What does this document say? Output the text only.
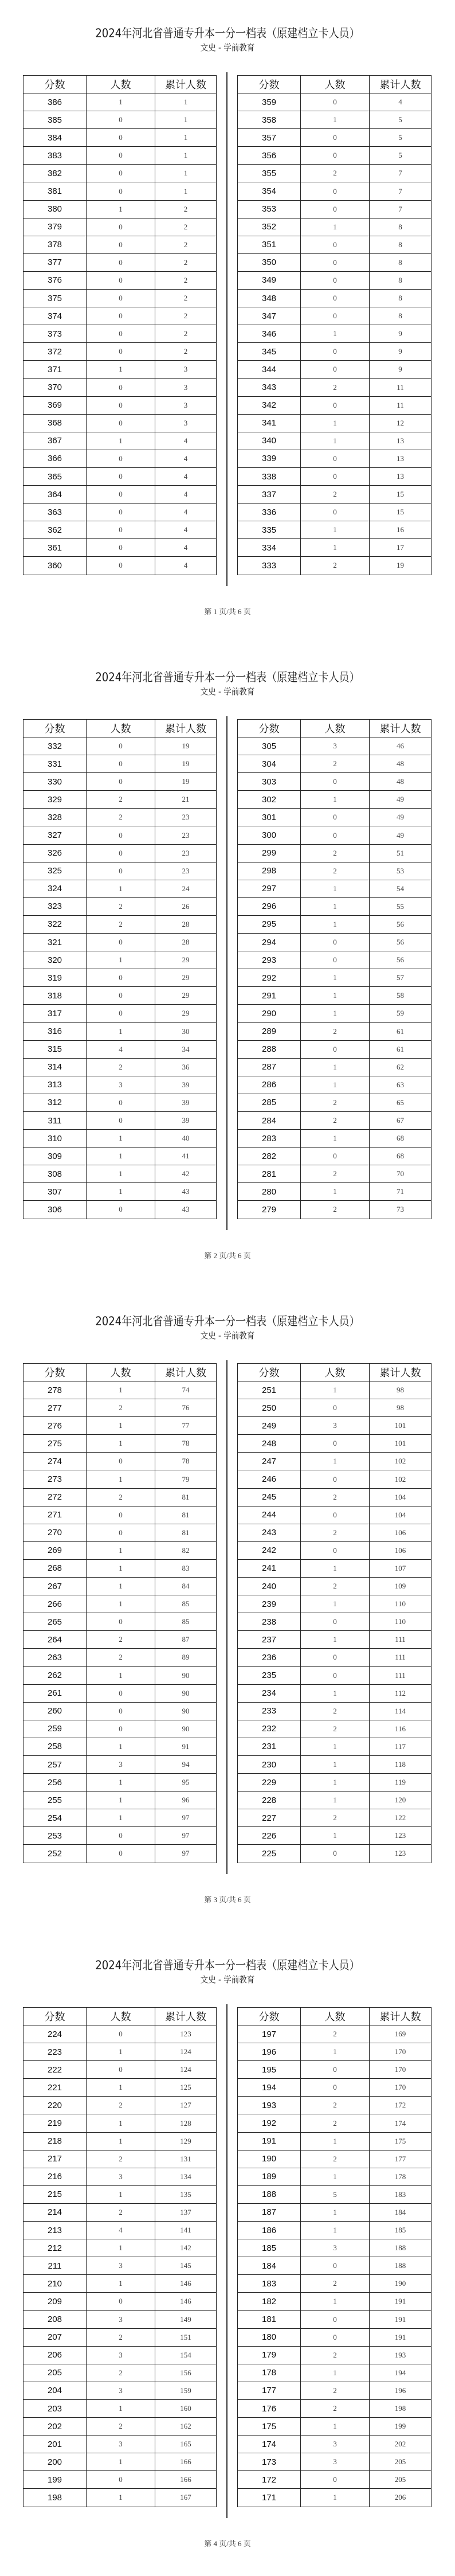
2024年河北省普通专升本一分一档表（原建档立卡人员）
文史 - 学前教育
分数	人数	累计人数
386	1	1
385	0	1
384	0	1
383	0	1
382	0	1
381	0	1
380	1	2
379	0	2
378	0	2
377	0	2
376	0	2
375	0	2
374	0	2
373	0	2
372	0	2
371	1	3
370	0	3
369	0	3
368	0	3
367	1	4
366	0	4
365	0	4
364	0	4
363	0	4
362	0	4
361	0	4
360	0	4
分数	人数	累计人数
359	0	4
358	1	5
357	0	5
356	0	5
355	2	7
354	0	7
353	0	7
352	1	8
351	0	8
350	0	8
349	0	8
348	0	8
347	0	8
346	1	9
345	0	9
344	0	9
343	2	11
342	0	11
341	1	12
340	1	13
339	0	13
338	0	13
337	2	15
336	0	15
335	1	16
334	1	17
333	2	19
第 1 页/共 6 页
2024年河北省普通专升本一分一档表（原建档立卡人员）
文史 - 学前教育
分数	人数	累计人数
332	0	19
331	0	19
330	0	19
329	2	21
328	2	23
327	0	23
326	0	23
325	0	23
324	1	24
323	2	26
322	2	28
321	0	28
320	1	29
319	0	29
318	0	29
317	0	29
316	1	30
315	4	34
314	2	36
313	3	39
312	0	39
311	0	39
310	1	40
309	1	41
308	1	42
307	1	43
306	0	43
分数	人数	累计人数
305	3	46
304	2	48
303	0	48
302	1	49
301	0	49
300	0	49
299	2	51
298	2	53
297	1	54
296	1	55
295	1	56
294	0	56
293	0	56
292	1	57
291	1	58
290	1	59
289	2	61
288	0	61
287	1	62
286	1	63
285	2	65
284	2	67
283	1	68
282	0	68
281	2	70
280	1	71
279	2	73
第 2 页/共 6 页
2024年河北省普通专升本一分一档表（原建档立卡人员）
文史 - 学前教育
分数	人数	累计人数
278	1	74
277	2	76
276	1	77
275	1	78
274	0	78
273	1	79
272	2	81
271	0	81
270	0	81
269	1	82
268	1	83
267	1	84
266	1	85
265	0	85
264	2	87
263	2	89
262	1	90
261	0	90
260	0	90
259	0	90
258	1	91
257	3	94
256	1	95
255	1	96
254	1	97
253	0	97
252	0	97
分数	人数	累计人数
251	1	98
250	0	98
249	3	101
248	0	101
247	1	102
246	0	102
245	2	104
244	0	104
243	2	106
242	0	106
241	1	107
240	2	109
239	1	110
238	0	110
237	1	111
236	0	111
235	0	111
234	1	112
233	2	114
232	2	116
231	1	117
230	1	118
229	1	119
228	1	120
227	2	122
226	1	123
225	0	123
第 3 页/共 6 页
2024年河北省普通专升本一分一档表（原建档立卡人员）
文史 - 学前教育
分数	人数	累计人数
224	0	123
223	1	124
222	0	124
221	1	125
220	2	127
219	1	128
218	1	129
217	2	131
216	3	134
215	1	135
214	2	137
213	4	141
212	1	142
211	3	145
210	1	146
209	0	146
208	3	149
207	2	151
206	3	154
205	2	156
204	3	159
203	1	160
202	2	162
201	3	165
200	1	166
199	0	166
198	1	167
分数	人数	累计人数
197	2	169
196	1	170
195	0	170
194	0	170
193	2	172
192	2	174
191	1	175
190	2	177
189	1	178
188	5	183
187	1	184
186	1	185
185	3	188
184	0	188
183	2	190
182	1	191
181	0	191
180	0	191
179	2	193
178	1	194
177	2	196
176	2	198
175	1	199
174	3	202
173	3	205
172	0	205
171	1	206
第 4 页/共 6 页
